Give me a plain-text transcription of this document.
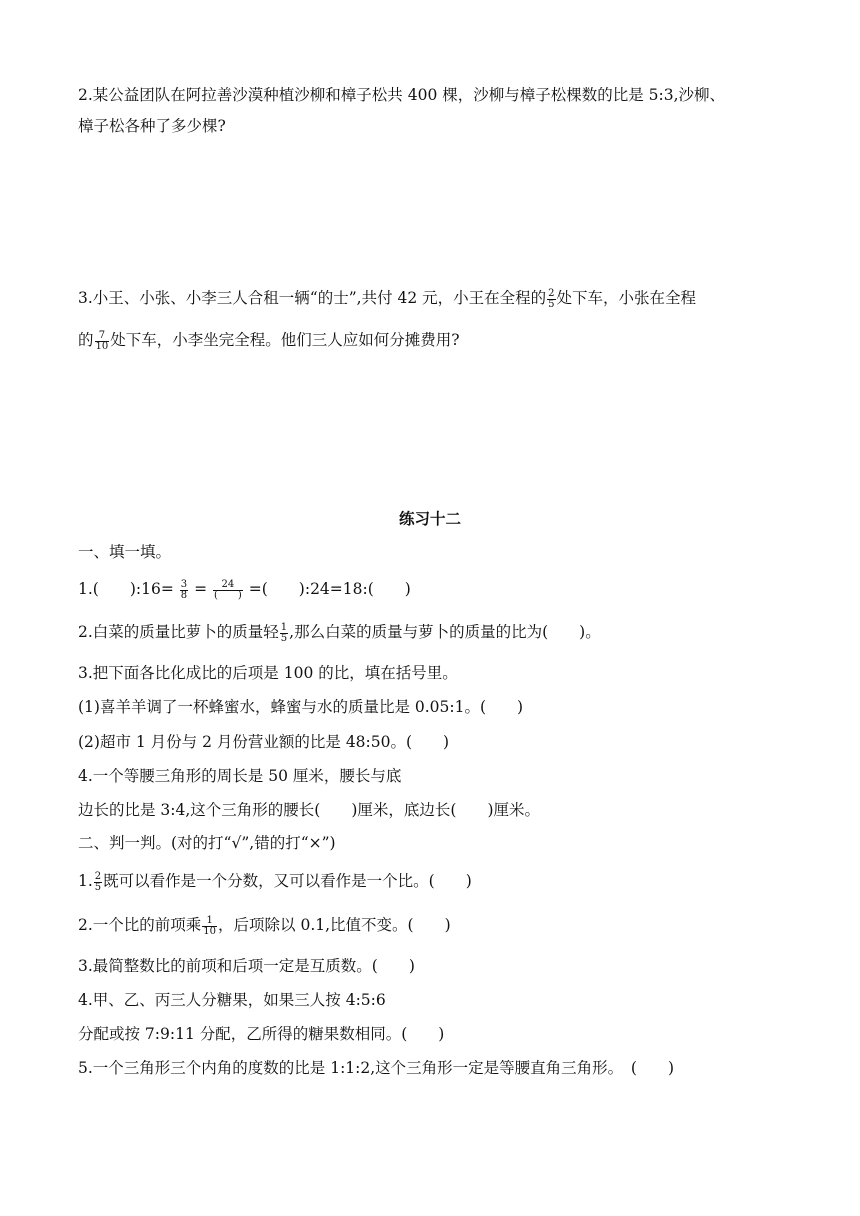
2.某公益团队在阿拉善沙漠种植沙柳和樟子松共 400 棵，沙柳与樟子松棵数的比是 5:3,沙柳、
樟子松各种了多少棵?
3.小王、小张、小李三人合租一辆“的士”,共付 42 元，小王在全程的 $\frac{2}{5}$ 处下车，小张在全程
的 $\frac{7}{10}$ 处下车，小李坐完全程。他们三人应如何分摊费用?
练习十二
一、填一填。
1.(　　):16= $\frac{3}{8} = \frac{24}{( )}$ =(　　):24=18:(　　)
2.白菜的质量比萝卜的质量轻 $\frac{1}{5}$ ,那么白菜的质量与萝卜的质量的比为(　　)。
3.把下面各比化成比的后项是 100 的比，填在括号里。
(1)喜羊羊调了一杯蜂蜜水，蜂蜜与水的质量比是 0.05:1。(　　)
(2)超市 1 月份与 2 月份营业额的比是 48:50。(　　)
4.一个等腰三角形的周长是 50 厘米，腰长与底
边长的比是 3:4,这个三角形的腰长(　　)厘米，底边长(　　)厘米。
二、判一判。(对的打“√”,错的打“×”)
1. $\frac{2}{5}$ 既可以看作是一个分数，又可以看作是一个比。(　　)
2.一个比的前项乘 $\frac{1}{10}$ ，后项除以 0.1,比值不变。(　　)
3.最简整数比的前项和后项一定是互质数。(　　)
4.甲、乙、丙三人分糖果，如果三人按 4:5:6
分配或按 7:9:11 分配，乙所得的糖果数相同。(　　)
5.一个三角形三个内角的度数的比是 1:1:2,这个三角形一定是等腰直角三角形。　(　　)
